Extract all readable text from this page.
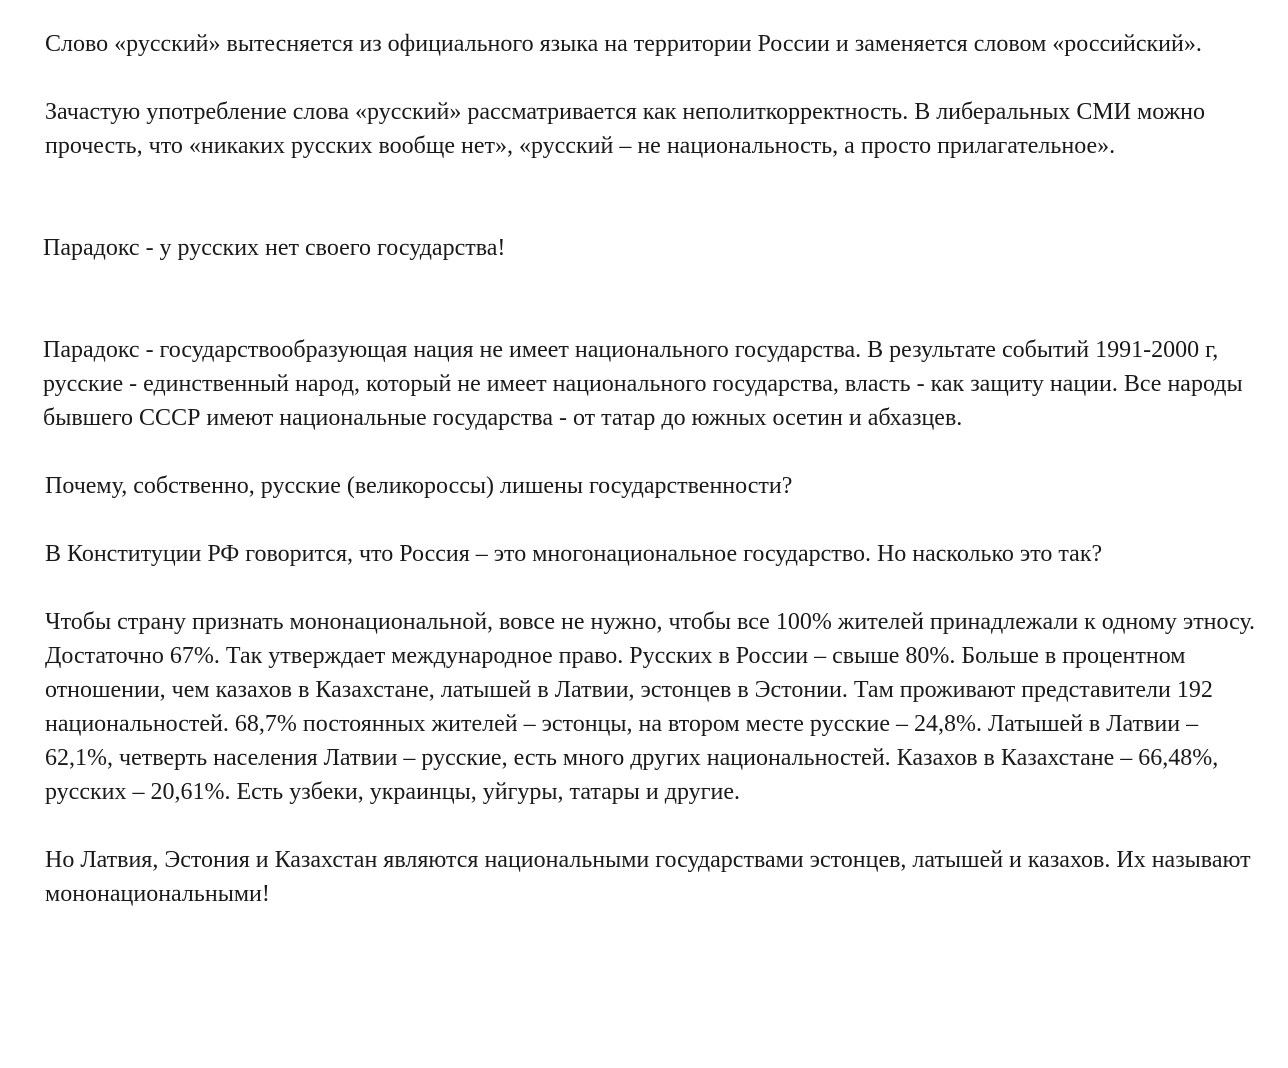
Слово «русский» вытесняется из официального языка на территории России и заменяется словом «российский».

Зачастую употребление слова «русский» рассматривается как неполиткорректность. В либеральных СМИ можно прочесть, что «никаких русских вообще нет», «русский – не национальность, а просто прилагательное».

Парадокс - у русских нет своего государства!

Парадокс - государствообразующая нация не имеет национального государства. В результате событий 1991-2000 г, русские - единственный народ, который не имеет национального государства, власть - как защиту нации. Все народы бывшего СССР имеют национальные государства - от татар до южных осетин и абхазцев.

Почему, собственно, русские (великороссы) лишены государственности?

В Конституции РФ говорится, что Россия – это многонациональное государство. Но насколько это так?

Чтобы страну признать мононациональной, вовсе не нужно, чтобы все 100% жителей принадлежали к одному этносу. Достаточно 67%. Так утверждает международное право. Русских в России – свыше 80%. Больше в процентном отношении, чем казахов в Казахстане, латышей в Латвии, эстонцев в Эстонии. Там проживают представители 192 национальностей. 68,7% постоянных жителей – эстонцы, на втором месте русские – 24,8%. Латышей в Латвии – 62,1%, четверть населения Латвии – русские, есть много других национальностей. Казахов в Казахстане – 66,48%, русских – 20,61%. Есть узбеки, украинцы, уйгуры, татары и другие.

Но Латвия, Эстония и Казахстан являются национальными государствами эстонцев, латышей и казахов. Их называют мононациональными!
